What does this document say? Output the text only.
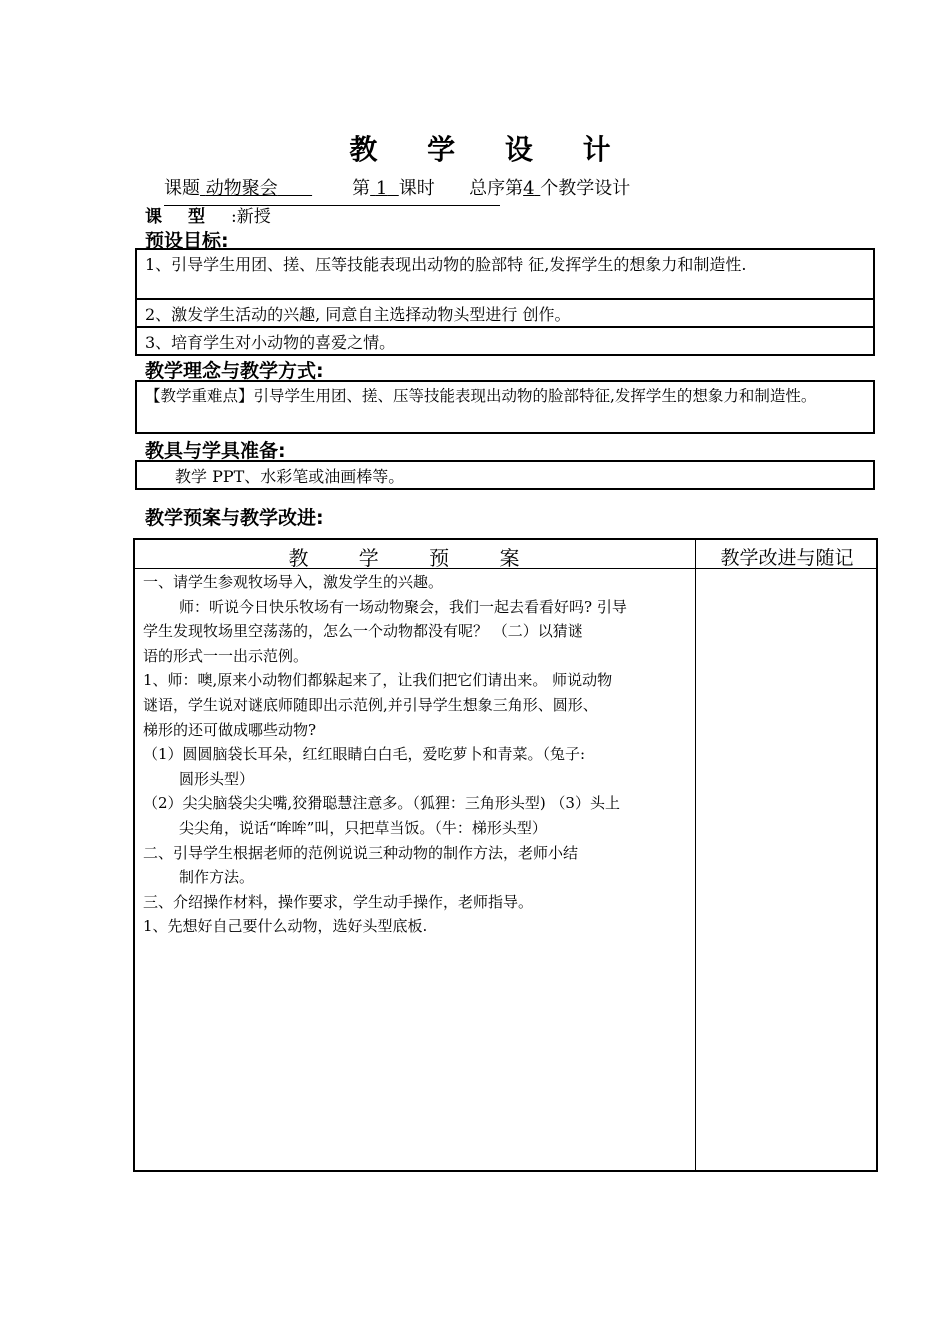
教 学 设 计
课题 动物聚会	第 1 课时 总序第4 个教学设计
课型:新授
预设目标:
1、引导学生用团、搓、压等技能表现出动物的脸部特 征,发挥学生的想象力和制造性.
2、激发学生活动的兴趣, 同意自主选择动物头型进行 创作。
3、培育学生对小动物的喜爱之情。
教学理念与教学方式:
【教学重难点】引导学生用团、搓、压等技能表现出动物的脸部特征,发挥学生的想象力和制造性。
教具与学具准备:
教学 PPT、水彩笔或油画棒等。
教学预案与教学改进:
教 学 预 案	教学改进与随记
一、请学生参观牧场导入，激发学生的兴趣。
师：听说今日快乐牧场有一场动物聚会，我们一起去看看好吗? 引导
学生发现牧场里空荡荡的，怎么一个动物都没有呢？ （二）以猜谜
语的形式一一出示范例。
1、师：噢,原来小动物们都躲起来了，让我们把它们请出来。 师说动物
谜语，学生说对谜底师随即出示范例,并引导学生想象三角形、圆形、
梯形的还可做成哪些动物?
（1）圆圆脑袋长耳朵，红红眼睛白白毛，爱吃萝卜和青菜。（兔子:
圆形头型）
（2）尖尖脑袋尖尖嘴,狡猾聪慧注意多。（狐狸：三角形头型) （3）头上
尖尖角，说话“哞哞”叫，只把草当饭。（牛：梯形头型）
二、引导学生根据老师的范例说说三种动物的制作方法，老师小结
制作方法。
三、介绍操作材料，操作要求，学生动手操作，老师指导。
1、先想好自己要什么动物，选好头型底板.
